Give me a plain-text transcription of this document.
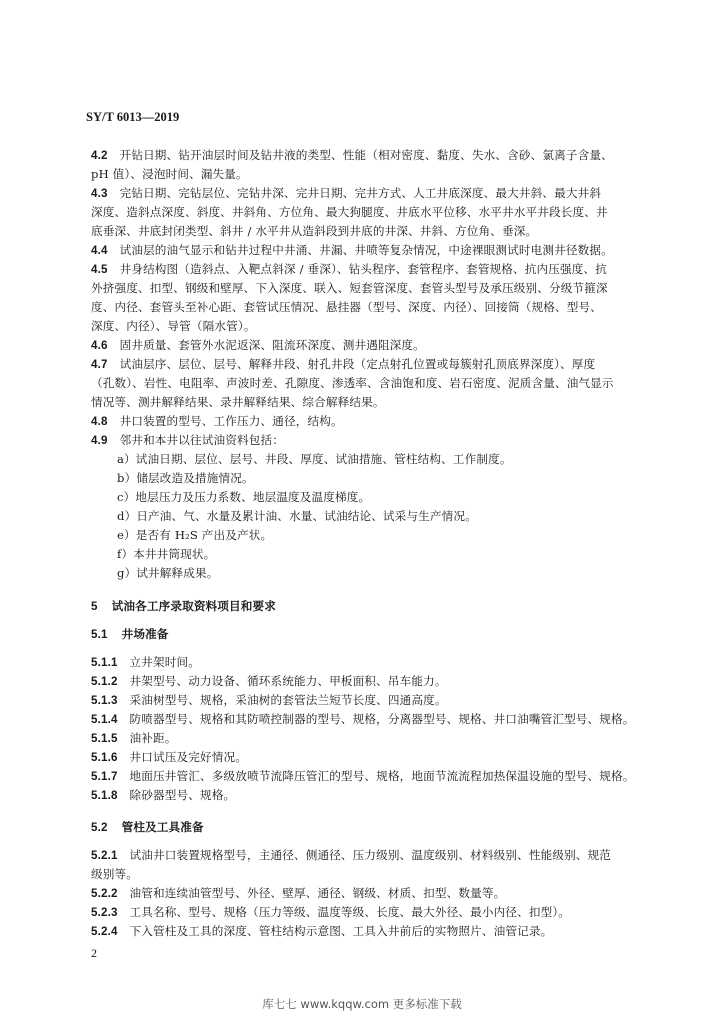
SY/T 6013—2019
4.2 开钻日期、钻开油层时间及钻井液的类型、性能（相对密度、黏度、失水、含砂、氯离子含量、
pH 值）、浸泡时间、漏失量。
4.3 完钻日期、完钻层位、完钻井深、完井日期、完井方式、人工井底深度、最大井斜、最大井斜
深度、造斜点深度、斜度、井斜角、方位角、最大狗腿度、井底水平位移、水平井水平井段长度、井
底垂深、井底封闭类型、斜井 / 水平井从造斜段到井底的井深、井斜、方位角、垂深。
4.4 试油层的油气显示和钻井过程中井涌、井漏、井喷等复杂情况，中途裸眼测试时电测井径数据。
4.5 井身结构图（造斜点、入靶点斜深 / 垂深）、钻头程序、套管程序、套管规格、抗内压强度、抗
外挤强度、扣型、钢级和壁厚、下入深度、联入、短套管深度、套管头型号及承压级别、分级节箍深
度、内径、套管头至补心距、套管试压情况、悬挂器（型号、深度、内径）、回接筒（规格、型号、
深度、内径）、导管（隔水管）。
4.6 固井质量、套管外水泥返深、阻流环深度、测井遇阻深度。
4.7 试油层序、层位、层号、解释井段、射孔井段（定点射孔位置或每簇射孔顶底界深度）、厚度
（孔数）、岩性、电阻率、声波时差、孔隙度、渗透率、含油饱和度、岩石密度、泥质含量、油气显示
情况等、测井解释结果、录井解释结果、综合解释结果。
4.8 井口装置的型号、工作压力、通径，结构。
4.9 邻井和本井以往试油资料包括：
a）试油日期、层位、层号、井段、厚度、试油措施、管柱结构、工作制度。
b）储层改造及措施情况。
c）地层压力及压力系数、地层温度及温度梯度。
d）日产油、气、水量及累计油、水量、试油结论、试采与生产情况。
e）是否有 H₂S 产出及产状。
f）本井井筒现状。
g）试井解释成果。
5 试油各工序录取资料项目和要求
5.1 井场准备
5.1.1 立井架时间。
5.1.2 井架型号、动力设备、循环系统能力、甲板面积、吊车能力。
5.1.3 采油树型号、规格，采油树的套管法兰短节长度、四通高度。
5.1.4 防喷器型号、规格和其防喷控制器的型号、规格，分离器型号、规格、井口油嘴管汇型号、规格。
5.1.5 油补距。
5.1.6 井口试压及完好情况。
5.1.7 地面压井管汇、多级放喷节流降压管汇的型号、规格，地面节流流程加热保温设施的型号、规格。
5.1.8 除砂器型号、规格。
5.2 管柱及工具准备
5.2.1 试油井口装置规格型号，主通径、侧通径、压力级别、温度级别、材料级别、性能级别、规范
级别等。
5.2.2 油管和连续油管型号、外径、壁厚、通径、钢级、材质、扣型、数量等。
5.2.3 工具名称、型号、规格（压力等级、温度等级、长度、最大外径、最小内径、扣型）。
5.2.4 下入管柱及工具的深度、管柱结构示意图、工具入井前后的实物照片、油管记录。
2
库七七 www.kqqw.com 更多标准下载
